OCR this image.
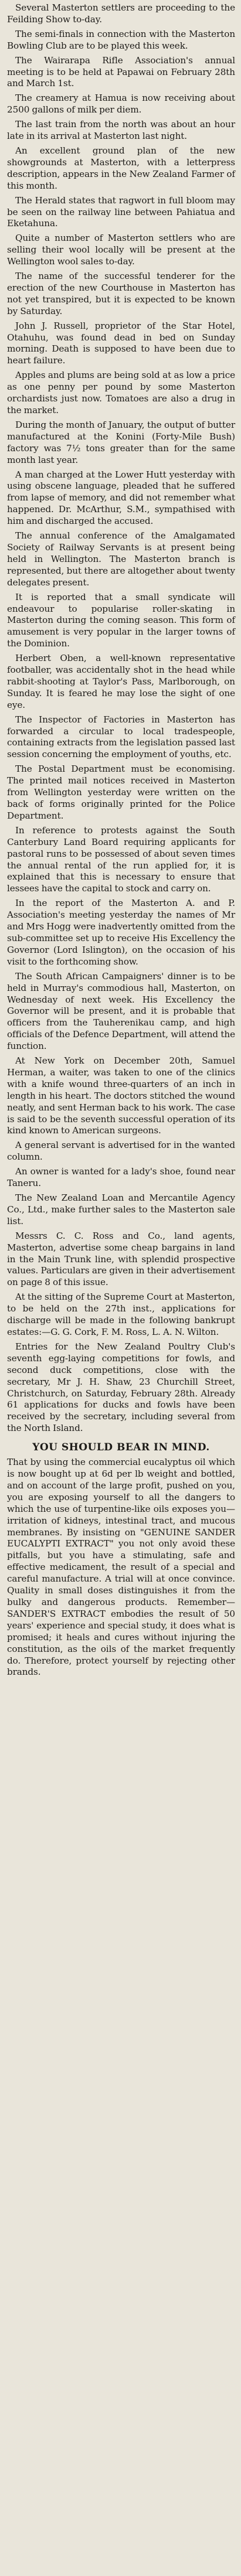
Several Masterton settlers are proceeding to the Feilding Show to-day.

The semi-finals in connection with the Masterton Bowling Club are to be played this week.

The Wairarapa Rifle Association's annual meeting is to be held at Papawai on February 28th and March 1st.

The creamery at Hamua is now receiving about 2500 gallons of milk per diem.

The last train from the north was about an hour late in its arrival at Masterton last night.

An excellent ground plan of the new showgrounds at Masterton, with a letterpress description, appears in the New Zealand Farmer of this month.

The Herald states that ragwort in full bloom may be seen on the railway line between Pahiatua and Eketahuna.

Quite a number of Masterton settlers who are selling their wool locally will be present at the Wellington wool sales to-day.

The name of the successful tenderer for the erection of the new Courthouse in Masterton has not yet transpired, but it is expected to be known by Saturday.

John J. Russell, proprietor of the Star Hotel, Otahuhu, was found dead in bed on Sunday morning. Death is supposed to have been due to heart failure.

Apples and plums are being sold at as low a price as one penny per pound by some Masterton orchardists just now. Tomatoes are also a drug in the market.

During the month of January, the output of butter manufactured at the Konini (Forty-Mile Bush) factory was 7½ tons greater than for the same month last year.

A man charged at the Lower Hutt yesterday with using obscene language, pleaded that he suffered from lapse of memory, and did not remember what happened. Dr. McArthur, S.M., sympathised with him and discharged the accused.

The annual conference of the Amalgamated Society of Railway Servants is at present being held in Wellington. The Masterton branch is represented, but there are altogether about twenty delegates present.

It is reported that a small syndicate will endeavour to popularise roller-skating in Masterton during the coming season. This form of amusement is very popular in the larger towns of the Dominion.

Herbert Oben, a well-known representative footballer, was accidentally shot in the head while rabbit-shooting at Taylor's Pass, Marlborough, on Sunday. It is feared he may lose the sight of one eye.

The Inspector of Factories in Masterton has forwarded a circular to local tradespeople, containing extracts from the legislation passed last session concerning the employment of youths, etc.

The Postal Department must be economising. The printed mail notices received in Masterton from Wellington yesterday were written on the back of forms originally printed for the Police Department.

In reference to protests against the South Canterbury Land Board requiring applicants for pastoral runs to be possessed of about seven times the annual rental of the run applied for, it is explained that this is necessary to ensure that lessees have the capital to stock and carry on.

In the report of the Masterton A. and P. Association's meeting yesterday the names of Mr and Mrs Hogg were inadvertently omitted from the sub-committee set up to receive His Excellency the Governor (Lord Islington), on the occasion of his visit to the forthcoming show.

The South African Campaigners' dinner is to be held in Murray's commodious hall, Masterton, on Wednesday of next week. His Excellency the Governor will be present, and it is probable that officers from the Tauherenikau camp, and high officials of the Defence Department, will attend the function.

At New York on December 20th, Samuel Herman, a waiter, was taken to one of the clinics with a knife wound three-quarters of an inch in length in his heart. The doctors stitched the wound neatly, and sent Herman back to his work. The case is said to be the seventh successful operation of its kind known to American surgeons.

A general servant is advertised for in the wanted column.

An owner is wanted for a lady's shoe, found near Taneru.

The New Zealand Loan and Mercantile Agency Co., Ltd., make further sales to the Masterton sale list.

Messrs C. C. Ross and Co., land agents, Masterton, advertise some cheap bargains in land in the Main Trunk line, with splendid prospective values. Particulars are given in their advertisement on page 8 of this issue.

At the sitting of the Supreme Court at Masterton, to be held on the 27th inst., applications for discharge will be made in the following bankrupt estates:—G. G. Cork, F. M. Ross, L. A. N. Wilton.

Entries for the New Zealand Poultry Club's seventh egg-laying competitions for fowls, and second duck competitions, close with the secretary, Mr J. H. Shaw, 23 Churchill Street, Christchurch, on Saturday, February 28th. Already 61 applications for ducks and fowls have been received by the secretary, including several from the North Island.

YOU SHOULD BEAR IN MIND.

That by using the commercial eucalyptus oil which is now bought up at 6d per lb weight and bottled, and on account of the large profit, pushed on you, you are exposing yourself to all the dangers to which the use of turpentine-like oils exposes you—irritation of kidneys, intestinal tract, and mucous membranes. By insisting on "GENUINE SANDER EUCALYPTI EXTRACT" you not only avoid these pitfalls, but you have a stimulating, safe and effective medicament, the result of a special and careful manufacture. A trial will at once convince. Quality in small doses distinguishes it from the bulky and dangerous products. Remember—SANDER'S EXTRACT embodies the result of 50 years' experience and special study, it does what is promised; it heals and cures without injuring the constitution, as the oils of the market frequently do. Therefore, protect yourself by rejecting other brands.
